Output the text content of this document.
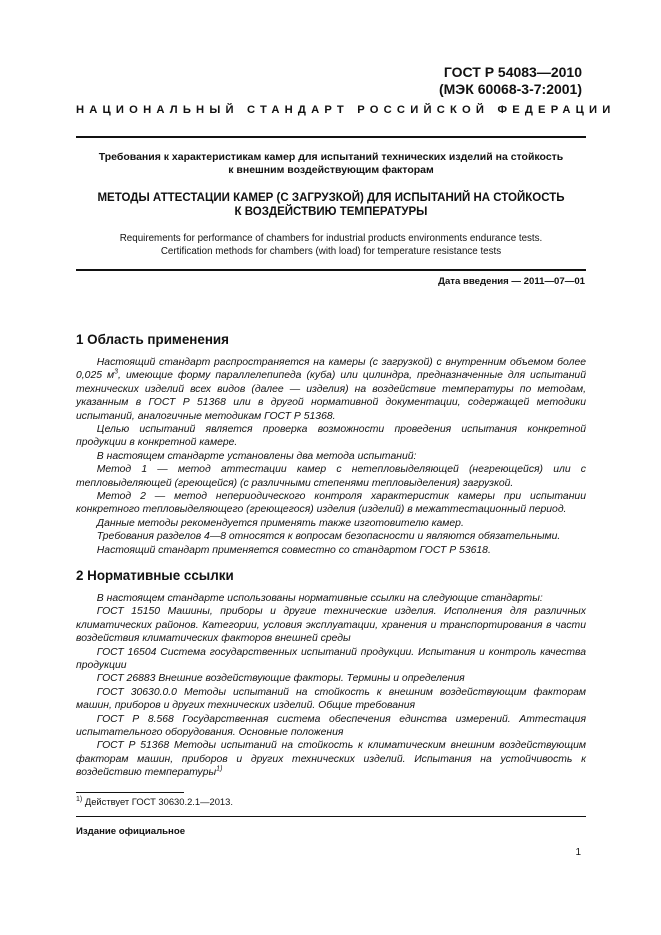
ГОСТ Р 54083—2010
(МЭК 60068-3-7:2001)
НАЦИОНАЛЬНЫЙ СТАНДАРТ РОССИЙСКОЙ ФЕДЕРАЦИИ
Требования к характеристикам камер для испытаний технических изделий на стойкость
к внешним воздействующим факторам
МЕТОДЫ АТТЕСТАЦИИ КАМЕР (С ЗАГРУЗКОЙ) ДЛЯ ИСПЫТАНИЙ НА СТОЙКОСТЬ
К ВОЗДЕЙСТВИЮ ТЕМПЕРАТУРЫ
Requirements for performance of chambers for industrial products environments endurance tests.
Certification methods for chambers (with load) for temperature resistance tests
Дата введения — 2011—07—01
1 Область применения

  Настоящий стандарт распространяется на камеры (с загрузкой) с внутренним объемом более 0,025 $м^3$, имеющие форму параллелепипеда (куба) или цилиндра, предназначенные для испытаний технических изделий всех видов (далее — изделия) на воздействие температуры по методам, указанным в ГОСТ Р 51368 или в другой нормативной документации, содержащей методики испытаний, аналогичные методикам ГОСТ Р 51368.

  Целью испытаний является проверка возможности проведения испытания конкретной продукции в конкретной камере.

  В настоящем стандарте установлены два метода испытаний:

  Метод 1 — метод аттестации камер с нетепловыделяющей (негреющейся) или с тепловыделяющей (греющейся) (с различными степенями тепловыделения) загрузкой.

  Метод 2 — метод непериодического контроля характеристик камеры при испытании конкретного тепловыделяющего (греющегося) изделия (изделий) в межаттестационный период.

  Данные методы рекомендуется применять также изготовителю камер.

  Требования разделов 4—8 относятся к вопросам безопасности и являются обязательными.

  Настоящий стандарт применяется совместно со стандартом ГОСТ Р 53618.

2 Нормативные ссылки

  В настоящем стандарте использованы нормативные ссылки на следующие стандарты:

  ГОСТ 15150 Машины, приборы и другие технические изделия. Исполнения для различных климатических районов. Категории, условия эксплуатации, хранения и транспортирования в части воздействия климатических факторов внешней среды

  ГОСТ 16504 Система государственных испытаний продукции. Испытания и контроль качества продукции

  ГОСТ 26883 Внешние воздействующие факторы. Термины и определения

  ГОСТ 30630.0.0 Методы испытаний на стойкость к внешним воздействующим факторам машин, приборов и других технических изделий. Общие требования

  ГОСТ Р 8.568 Государственная система обеспечения единства измерений. Аттестация испытательного оборудования. Основные положения

  ГОСТ Р 51368 Методы испытаний на стойкость к климатическим внешним воздействующим факторам машин, приборов и других технических изделий. Испытания на устойчивость к воздействию температуры$^{1)}$

$^{1)}$ Действует ГОСТ 30630.2.1—2013.
Издание официальное
1
